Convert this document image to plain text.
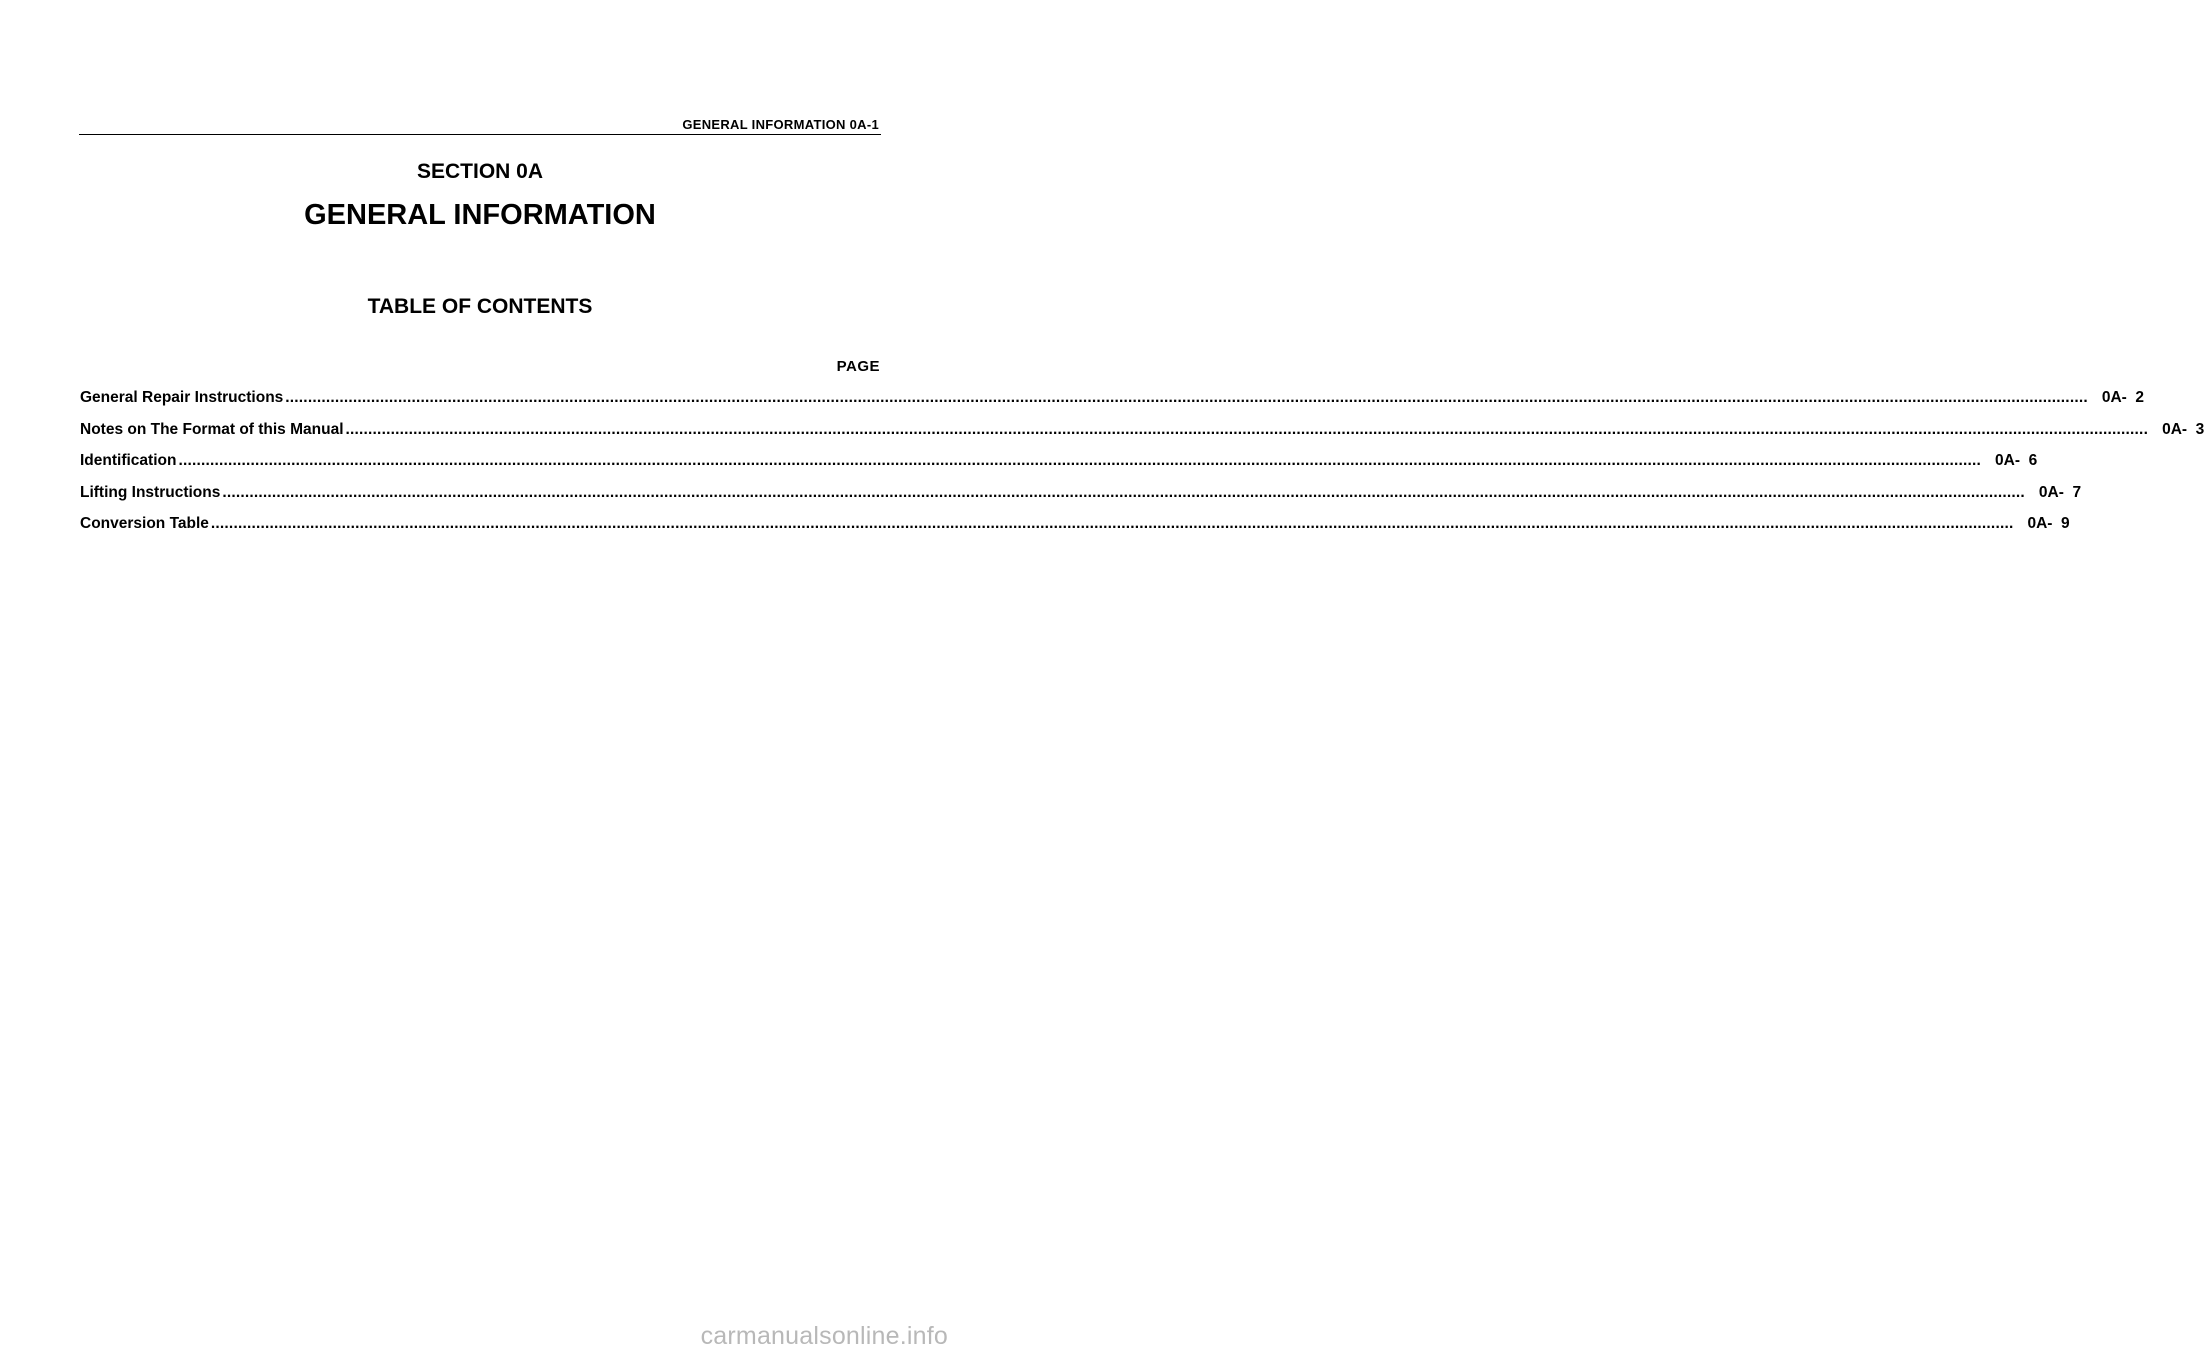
GENERAL INFORMATION 0A-1
SECTION 0A
GENERAL INFORMATION
TABLE OF CONTENTS
PAGE
General Repair Instructions ................................................................................................................................................................................................................................................................................................................................................................................................................ 0A-  2
Notes on The Format of this Manual ................................................................................................................................................................................................................................................................................................................................................................................................................ 0A-  3
Identification ................................................................................................................................................................................................................................................................................................................................................................................................................ 0A-  6
Lifting Instructions ................................................................................................................................................................................................................................................................................................................................................................................................................ 0A-  7
Conversion Table ................................................................................................................................................................................................................................................................................................................................................................................................................ 0A-  9
carmanualsonline.info
